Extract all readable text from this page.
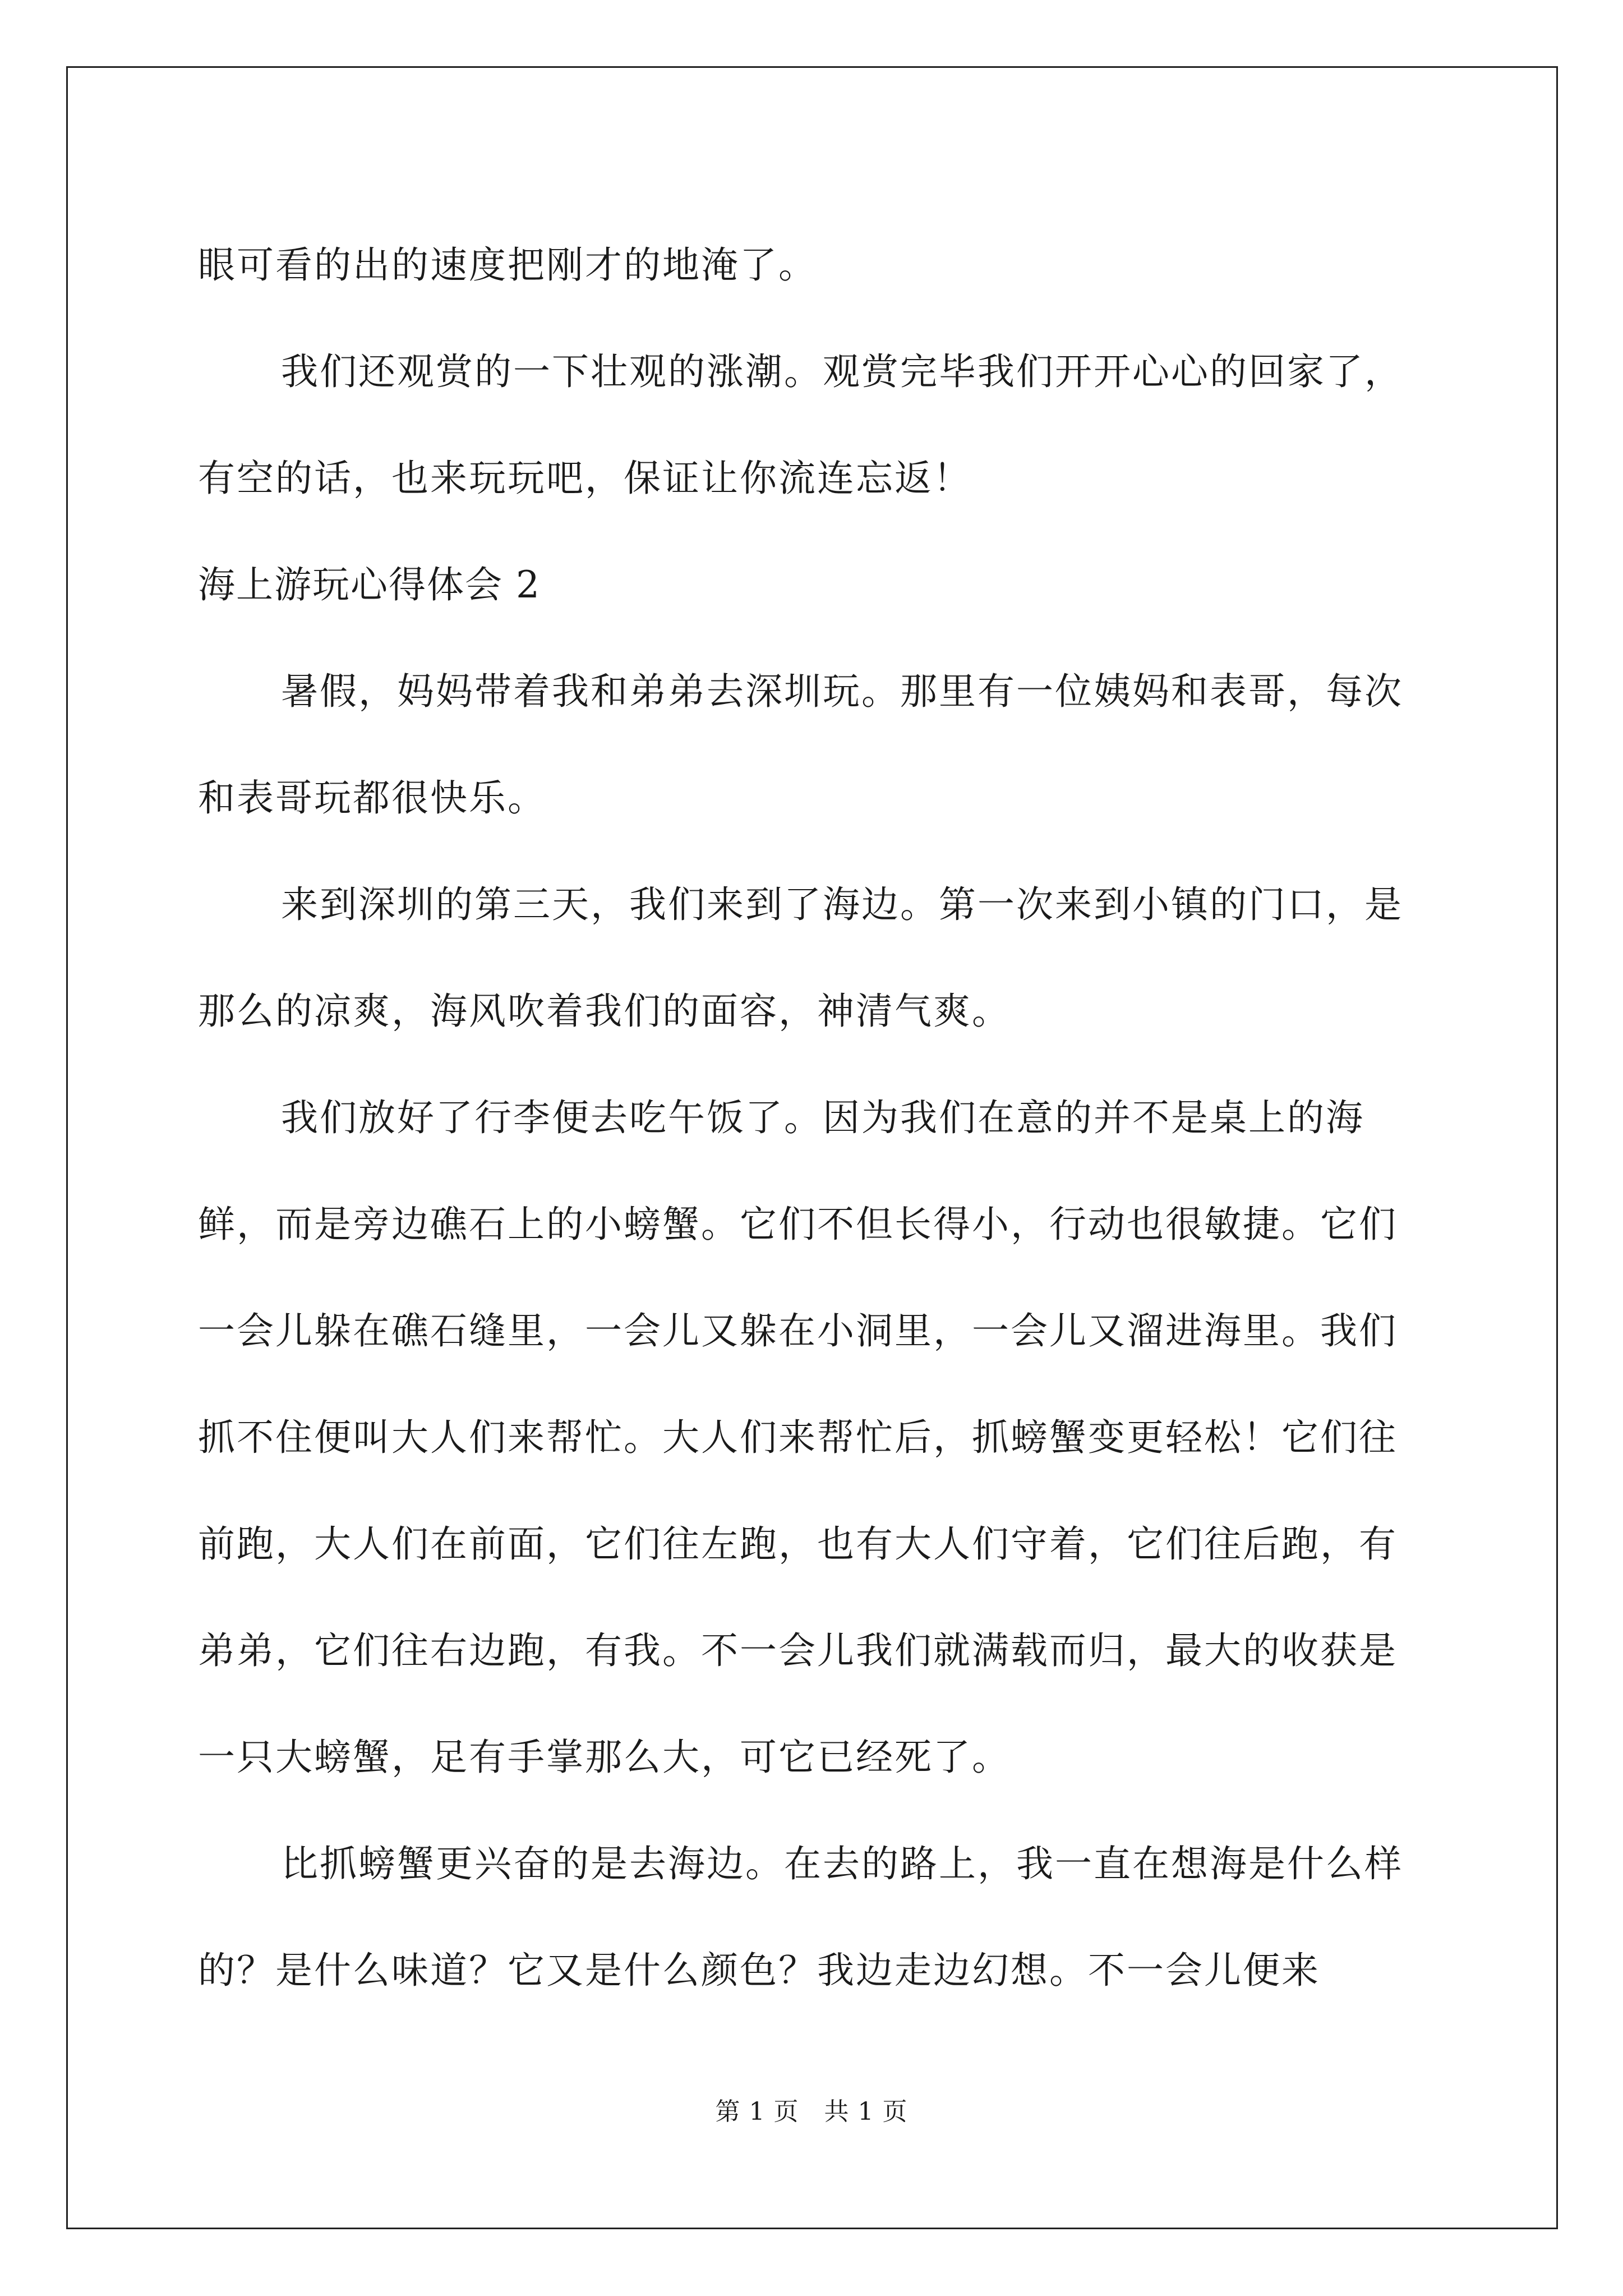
眼可看的出的速度把刚才的地淹了。

我们还观赏的一下壮观的涨潮。观赏完毕我们开开心心的回家了，有空的话，也来玩玩吧，保证让你流连忘返！

海上游玩心得体会 2

暑假，妈妈带着我和弟弟去深圳玩。那里有一位姨妈和表哥，每次和表哥玩都很快乐。

来到深圳的第三天，我们来到了海边。第一次来到小镇的门口，是那么的凉爽，海风吹着我们的面容，神清气爽。

我们放好了行李便去吃午饭了。因为我们在意的并不是桌上的海鲜，而是旁边礁石上的小螃蟹。它们不但长得小，行动也很敏捷。它们一会儿躲在礁石缝里，一会儿又躲在小洞里，一会儿又溜进海里。我们抓不住便叫大人们来帮忙。大人们来帮忙后，抓螃蟹变更轻松！它们往前跑，大人们在前面，它们往左跑，也有大人们守着，它们往后跑，有弟弟，它们往右边跑，有我。不一会儿我们就满载而归，最大的收获是一只大螃蟹，足有手掌那么大，可它已经死了。

比抓螃蟹更兴奋的是去海边。在去的路上，我一直在想海是什么样的？是什么味道？它又是什么颜色？我边走边幻想。不一会儿便来

第 1 页　共 1 页
